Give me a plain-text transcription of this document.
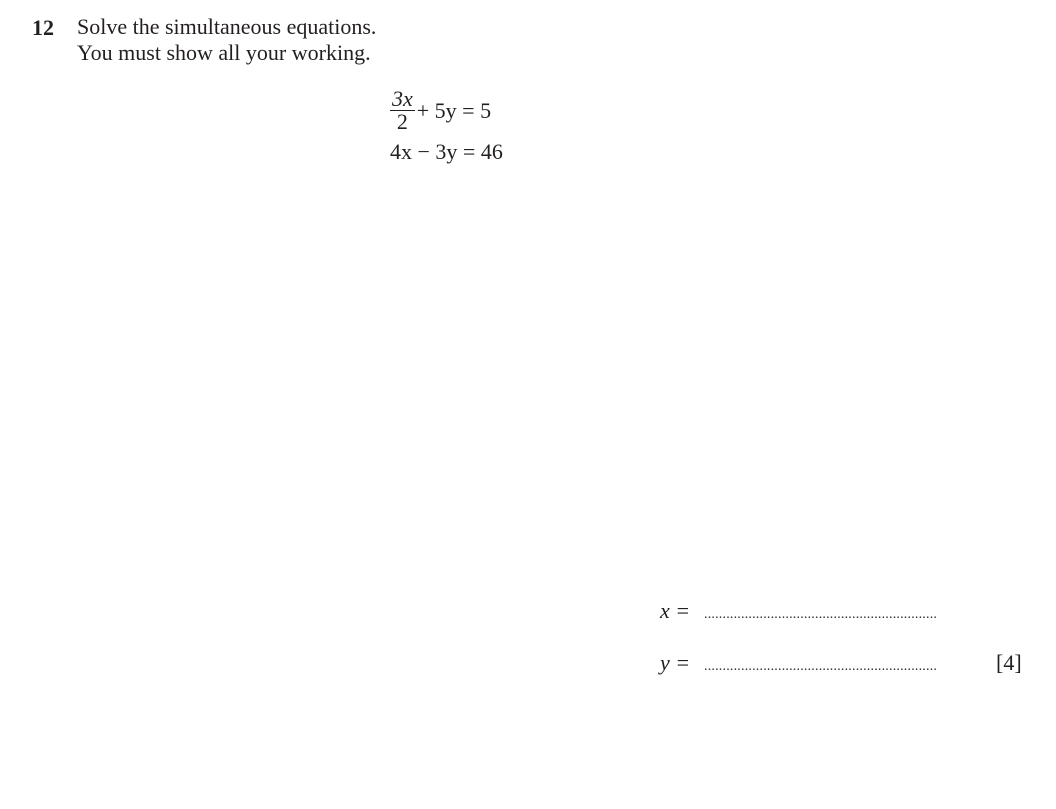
12 Solve the simultaneous equations.
You must show all your working.
$\frac{3x}{2} + 5y = 5$
4x − 3y = 46
x = ...............................................................
y = ...............................................................	[4]
